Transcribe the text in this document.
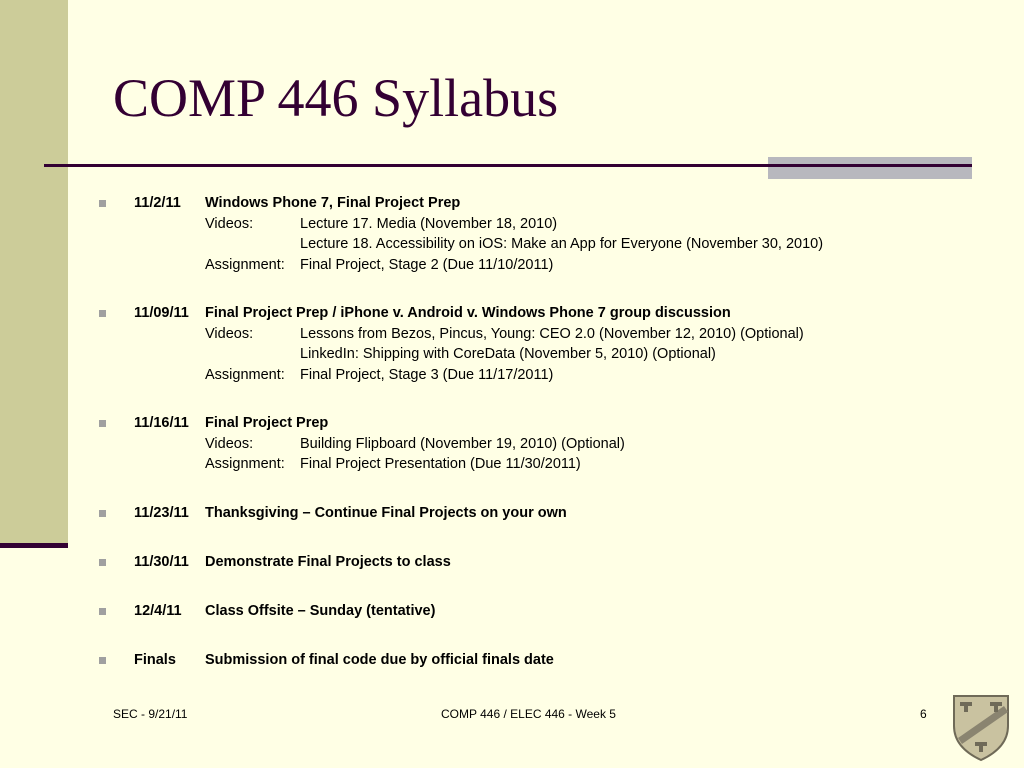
COMP 446 Syllabus
11/2/11 Windows Phone 7, Final Project Prep
Videos:	Lecture 17. Media (November 18, 2010)
Lecture 18. Accessibility on iOS: Make an App for Everyone (November 30, 2010)
Assignment: Final Project, Stage 2 (Due 11/10/2011)
11/09/11 Final Project Prep / iPhone v. Android v. Windows Phone 7 group discussion
Videos:	Lessons from Bezos, Pincus, Young: CEO 2.0 (November 12, 2010) (Optional)
LinkedIn: Shipping with CoreData (November 5, 2010) (Optional)
Assignment: Final Project, Stage 3 (Due 11/17/2011)
11/16/11 Final Project Prep
Videos:	Building Flipboard (November 19, 2010) (Optional)
Assignment: Final Project Presentation (Due 11/30/2011)
11/23/11 Thanksgiving – Continue Final Projects on your own
11/30/11 Demonstrate Final Projects to class
12/4/11 Class Offsite – Sunday (tentative)
Finals Submission of final code due by official finals date
SEC - 9/21/11	COMP 446 / ELEC 446 - Week 5	6
